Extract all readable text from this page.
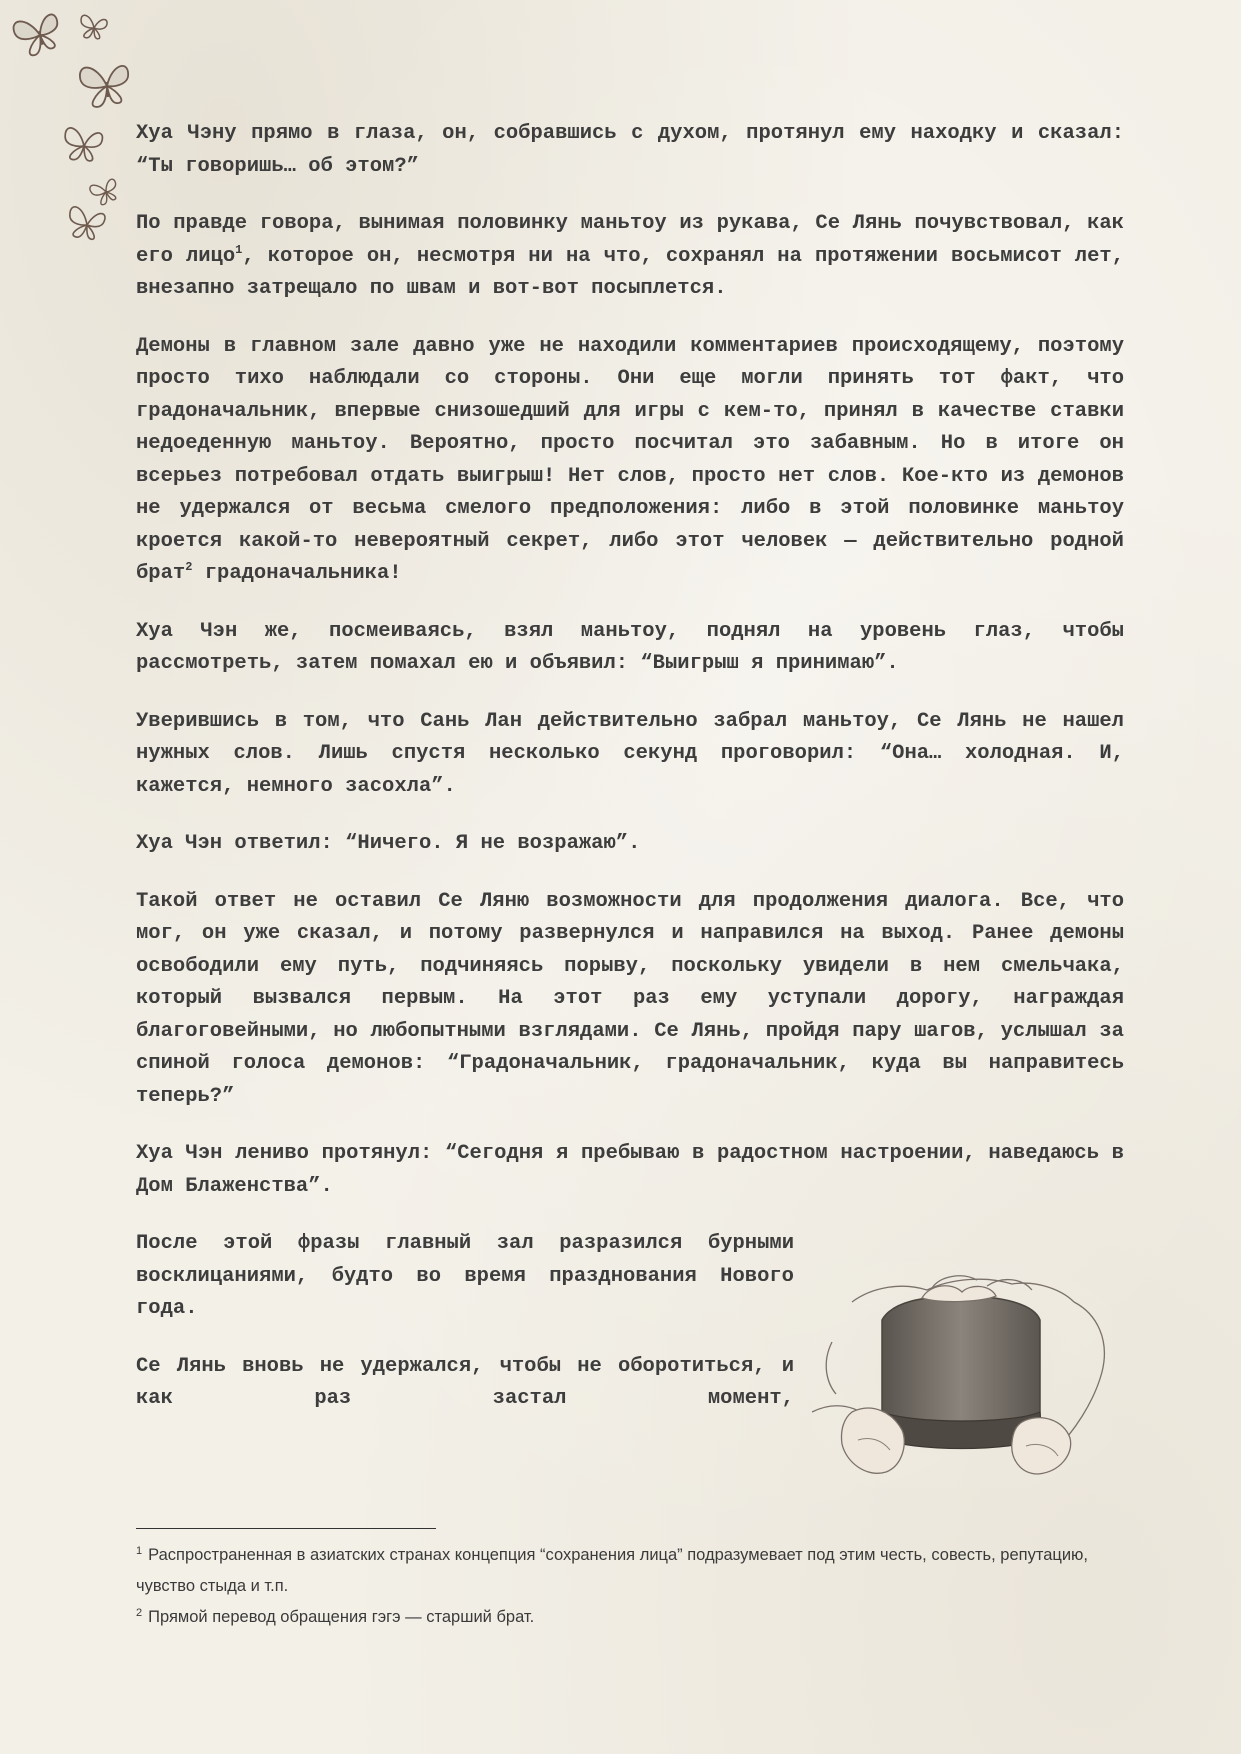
Хуа Чэну прямо в глаза, он, собравшись с духом, протянул ему находку и сказал: “Ты говоришь… об этом?”

По правде говора, вынимая половинку маньтоу из рукава, Се Лянь почувствовал, как его лицо$^1$, которое он, несмотря ни на что, сохранял на протяжении восьмисот лет, внезапно затрещало по швам и вот-вот посыплется.

Демоны в главном зале давно уже не находили комментариев происходящему, поэтому просто тихо наблюдали со стороны. Они еще могли принять тот факт, что градоначальник, впервые снизошедший для игры с кем-то, принял в качестве ставки недоеденную маньтоу. Вероятно, просто посчитал это забавным. Но в итоге он всерьез потребовал отдать выигрыш! Нет слов, просто нет слов. Кое-кто из демонов не удержался от весьма смелого предположения: либо в этой половинке маньтоу кроется какой-то невероятный секрет, либо этот человек — действительно родной брат$^2$ градоначальника!

Хуа Чэн же, посмеиваясь, взял маньтоу, поднял на уровень глаз, чтобы рассмотреть, затем помахал ею и объявил: “Выигрыш я принимаю”.

Уверившись в том, что Сань Лан действительно забрал маньтоу, Се Лянь не нашел нужных слов. Лишь спустя несколько секунд проговорил: “Она… холодная. И, кажется, немного засохла”.

Хуа Чэн ответил: “Ничего. Я не возражаю”.

Такой ответ не оставил Се Ляню возможности для продолжения диалога. Все, что мог, он уже сказал, и потому развернулся и направился на выход. Ранее демоны освободили ему путь, подчиняясь порыву, поскольку увидели в нем смельчака, который вызвался первым. На этот раз ему уступали дорогу, награждая благоговейными, но любопытными взглядами. Се Лянь, пройдя пару шагов, услышал за спиной голоса демонов: “Градоначальник, градоначальник, куда вы направитесь теперь?”

Хуа Чэн лениво протянул: “Сегодня я пребываю в радостном настроении, наведаюсь в Дом Блаженства”.

После этой фразы главный зал разразился бурными восклицаниями, будто во время празднования Нового года.

Се Лянь вновь не удержался, чтобы не оборотиться, и как раз застал момент,

$^1$ Распространенная в азиатских странах концепция “сохранения лица” подразумевает под этим честь, совесть, репутацию, чувство стыда и т.п.

$^2$ Прямой перевод обращения гэгэ — старший брат.
